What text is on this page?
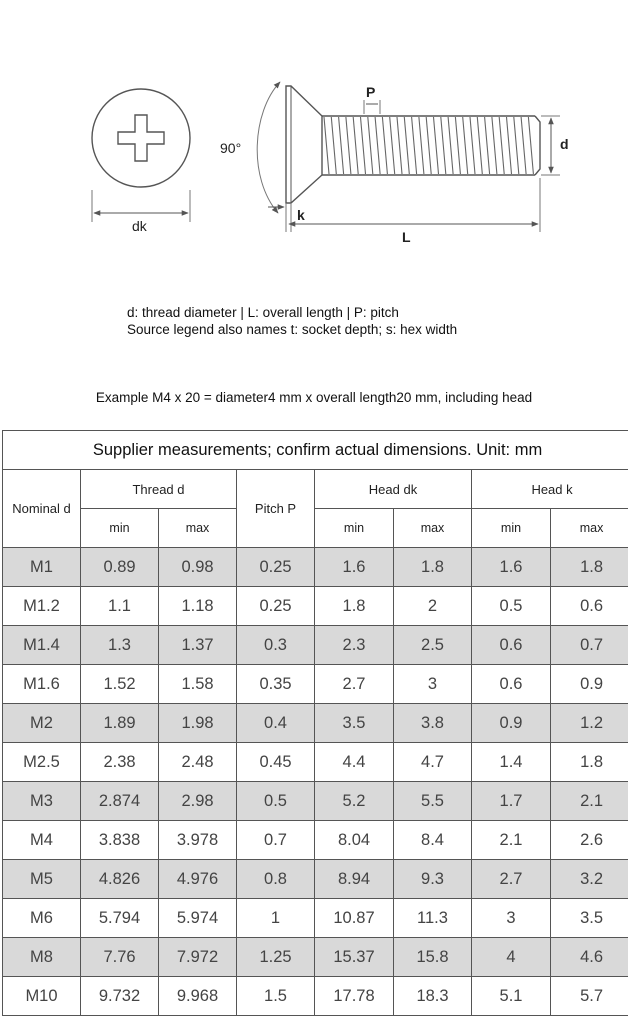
90°
dk
k
L
P
d
d: thread diameter | L: overall length | P: pitch
Source legend also names t: socket depth; s: hex width
Example M4 x 20 = diameter4 mm x overall length20 mm, including head
Supplier measurements; confirm actual dimensions. Unit: mm							
Nominal d	Thread d		Pitch P	Head dk		Head k	
	min	max		min	max	min	max
M1	0.89	0.98	0.25	1.6	1.8	1.6	1.8
M1.2	1.1	1.18	0.25	1.8	2	0.5	0.6
M1.4	1.3	1.37	0.3	2.3	2.5	0.6	0.7
M1.6	1.52	1.58	0.35	2.7	3	0.6	0.9
M2	1.89	1.98	0.4	3.5	3.8	0.9	1.2
M2.5	2.38	2.48	0.45	4.4	4.7	1.4	1.8
M3	2.874	2.98	0.5	5.2	5.5	1.7	2.1
M4	3.838	3.978	0.7	8.04	8.4	2.1	2.6
M5	4.826	4.976	0.8	8.94	9.3	2.7	3.2
M6	5.794	5.974	1	10.87	11.3	3	3.5
M8	7.76	7.972	1.25	15.37	15.8	4	4.6
M10	9.732	9.968	1.5	17.78	18.3	5.1	5.7
